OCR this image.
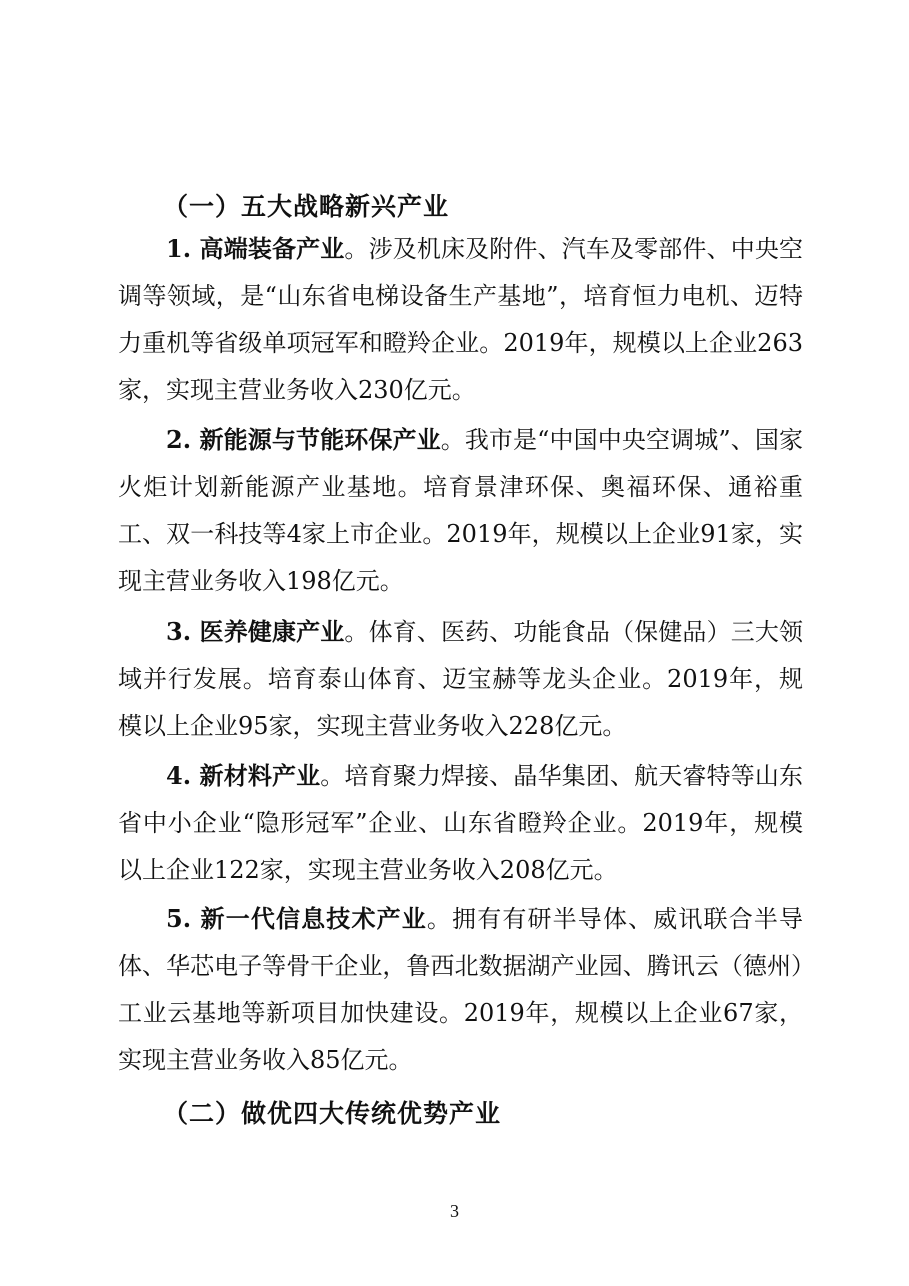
（一）五大战略新兴产业

1. 高端装备产业。涉及机床及附件、汽车及零部件、中央空调等领域，是“山东省电梯设备生产基地”，培育恒力电机、迈特力重机等省级单项冠军和瞪羚企业。2019年，规模以上企业263家，实现主营业务收入230亿元。

2. 新能源与节能环保产业。我市是“中国中央空调城”、国家火炬计划新能源产业基地。培育景津环保、奥福环保、通裕重工、双一科技等4家上市企业。2019年，规模以上企业91家，实现主营业务收入198亿元。

3. 医养健康产业。体育、医药、功能食品（保健品）三大领域并行发展。培育泰山体育、迈宝赫等龙头企业。2019年，规模以上企业95家，实现主营业务收入228亿元。

4. 新材料产业。培育聚力焊接、晶华集团、航天睿特等山东省中小企业“隐形冠军”企业、山东省瞪羚企业。2019年，规模以上企业122家，实现主营业务收入208亿元。

5. 新一代信息技术产业。拥有有研半导体、威讯联合半导体、华芯电子等骨干企业，鲁西北数据湖产业园、腾讯云（德州）工业云基地等新项目加快建设。2019年，规模以上企业67家，实现主营业务收入85亿元。

（二）做优四大传统优势产业
3
